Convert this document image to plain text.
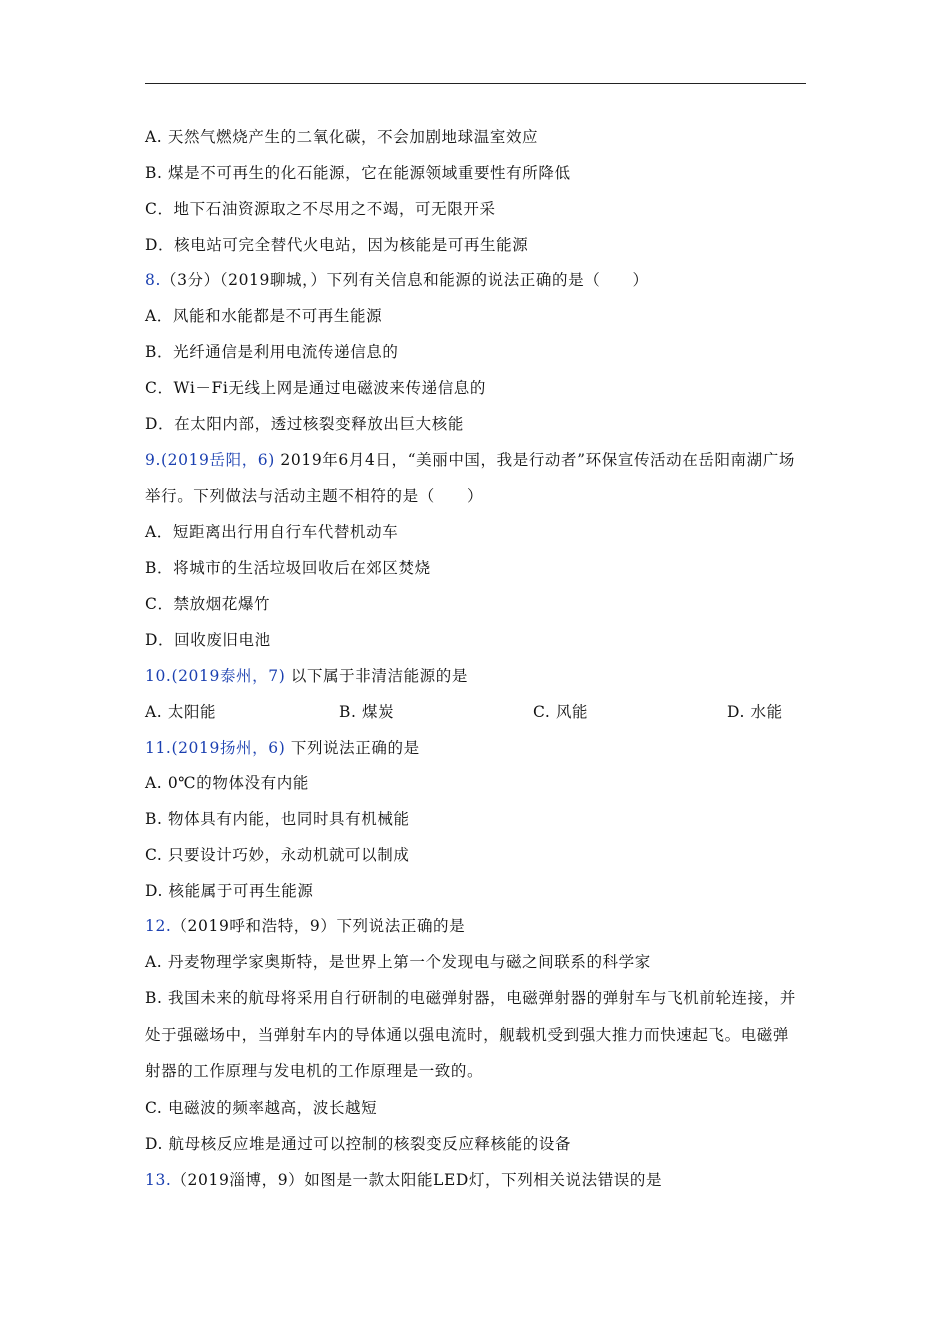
A. 天然气燃烧产生的二氧化碳，不会加剧地球温室效应
B. 煤是不可再生的化石能源，它在能源领域重要性有所降低
C．地下石油资源取之不尽用之不竭，可无限开采
D．核电站可完全替代火电站，因为核能是可再生能源
8.（3分）（2019聊城，）下列有关信息和能源的说法正确的是（　　）
A．风能和水能都是不可再生能源
B．光纤通信是利用电流传递信息的
C．Wi－Fi无线上网是通过电磁波来传递信息的
D．在太阳内部，透过核裂变释放出巨大核能
9.(2019岳阳，6) 2019年6月4日，“美丽中国，我是行动者”环保宣传活动在岳阳南湖广场
举行。下列做法与活动主题不相符的是（　　）
A．短距离出行用自行车代替机动车
B．将城市的生活垃圾回收后在郊区焚烧
C．禁放烟花爆竹
D．回收废旧电池
10.(2019泰州，7) 以下属于非清洁能源的是
A. 太阳能	B. 煤炭	C. 风能	D. 水能
11.(2019扬州，6) 下列说法正确的是
A. 0℃的物体没有内能
B. 物体具有内能，也同时具有机械能
C. 只要设计巧妙，永动机就可以制成
D. 核能属于可再生能源
12.（2019呼和浩特，9）下列说法正确的是
A. 丹麦物理学家奥斯特，是世界上第一个发现电与磁之间联系的科学家
B. 我国未来的航母将采用自行研制的电磁弹射器，电磁弹射器的弹射车与飞机前轮连接，并
处于强磁场中，当弹射车内的导体通以强电流时，舰载机受到强大推力而快速起飞。电磁弹
射器的工作原理与发电机的工作原理是一致的。
C. 电磁波的频率越高，波长越短
D. 航母核反应堆是通过可以控制的核裂变反应释核能的设备
13.（2019淄博，9）如图是一款太阳能LED灯，下列相关说法错误的是
